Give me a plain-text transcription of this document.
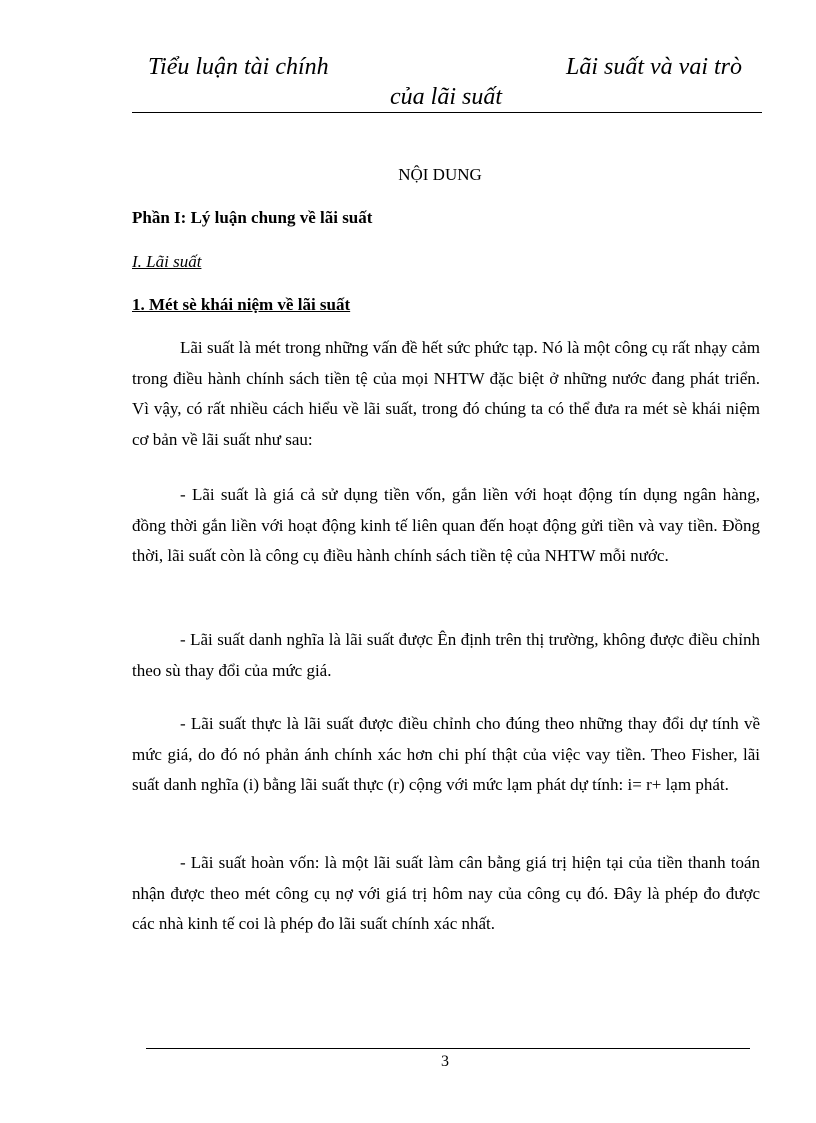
Tiểu luận tài chính	Lãi suất và vai trò
của lãi suất
NỘI DUNG
Phần I: Lý luận chung về lãi suất
I. Lãi suất
1. Mét sè khái niệm về lãi suất

Lãi suất là mét trong những vấn đề hết sức phức tạp. Nó là một công cụ rất nhạy cảm trong điều hành chính sách tiền tệ của mọi NHTW đặc biệt ở những nước đang phát triển. Vì vậy, có rất nhiều cách hiểu về lãi suất, trong đó chúng ta có thể đưa ra mét sè khái niệm cơ bản về lãi suất như sau:

- Lãi suất là giá cả sử dụng tiền vốn, gắn liền với hoạt động tín dụng ngân hàng, đồng thời gắn liền với hoạt động kinh tế liên quan đến hoạt động gửi tiền và vay tiền. Đồng thời, lãi suất còn là công cụ điều hành chính sách tiền tệ của NHTW mỗi nước.

- Lãi suất danh nghĩa là lãi suất được Ên định trên thị trường, không được điều chỉnh theo sù thay đổi của mức giá.

- Lãi suất thực là lãi suất được điều chỉnh cho đúng theo những thay đổi dự tính về mức giá, do đó nó phản ánh chính xác hơn chi phí thật của việc vay tiền. Theo Fisher, lãi suất danh nghĩa (i) bằng lãi suất thực (r) cộng với mức lạm phát dự tính: i= r+ lạm phát.

- Lãi suất hoàn vốn: là một lãi suất làm cân bằng giá trị hiện tại của tiền thanh toán nhận được theo mét công cụ nợ với giá trị hôm nay của công cụ đó. Đây là phép đo được các nhà kinh tế coi là phép đo lãi suất chính xác nhất.

3
